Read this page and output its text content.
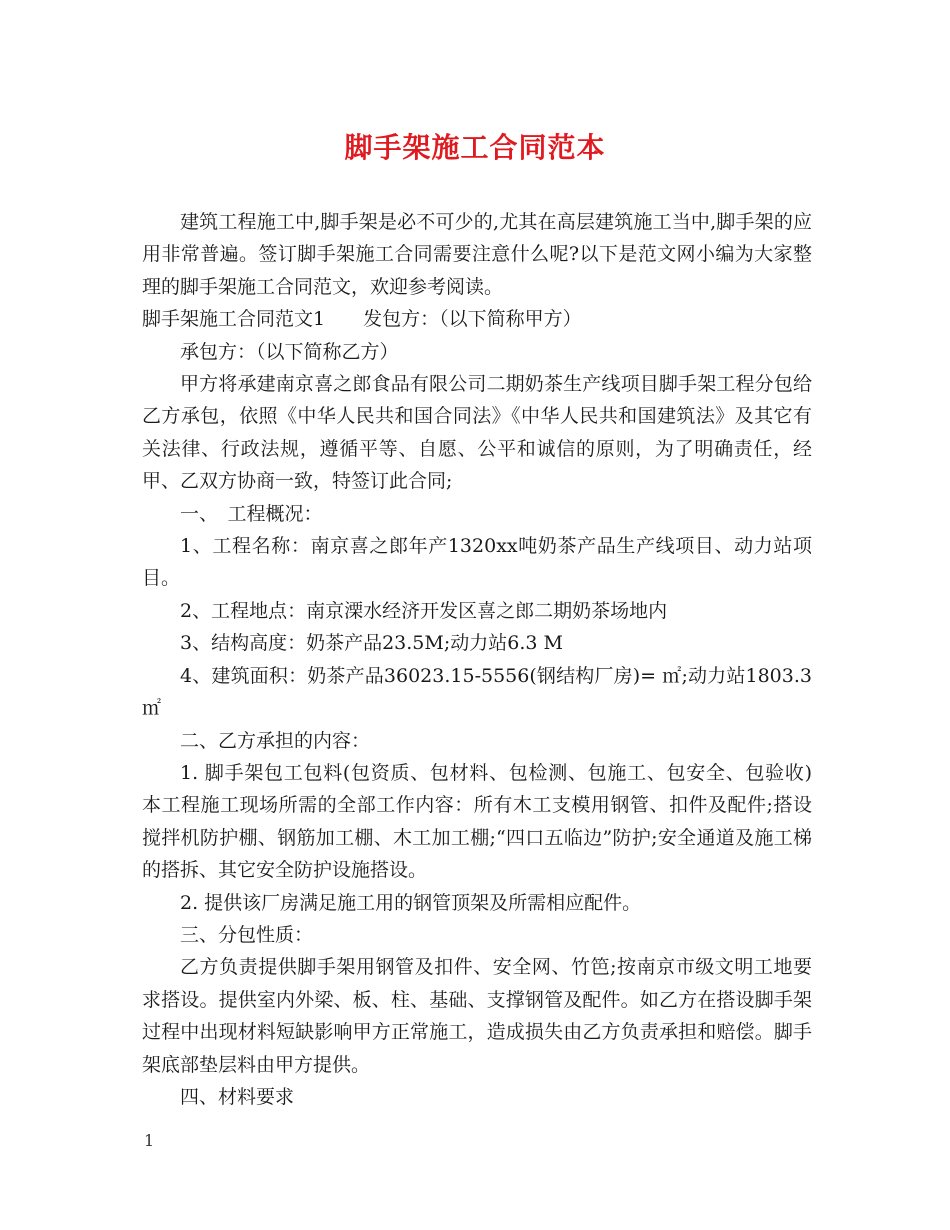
脚手架施工合同范本

建筑工程施工中,脚手架是必不可少的,尤其在高层建筑施工当中,脚手架的应用非常普遍。签订脚手架施工合同需要注意什么呢?以下是范文网小编为大家整理的脚手架施工合同范文，欢迎参考阅读。

脚手架施工合同范文1　　发包方：（以下简称甲方）

承包方：（以下简称乙方）

甲方将承建南京喜之郎食品有限公司二期奶茶生产线项目脚手架工程分包给乙方承包，依照《中华人民共和国合同法》《中华人民共和国建筑法》及其它有关法律、行政法规，遵循平等、自愿、公平和诚信的原则，为了明确责任，经甲、乙双方协商一致，特签订此合同;

一、　工程概况：

1、工程名称：南京喜之郎年产1320xx吨奶茶产品生产线项目、动力站项目。

2、工程地点：南京溧水经济开发区喜之郎二期奶茶场地内

3、结构高度：奶茶产品23.5M;动力站6.3 M

4、建筑面积：奶茶产品36023.15-5556(钢结构厂房)= ㎡;动力站1803.3㎡

二、乙方承担的内容：

1. 脚手架包工包料(包资质、包材料、包检测、包施工、包安全、包验收) 本工程施工现场所需的全部工作内容：所有木工支模用钢管、扣件及配件;搭设搅拌机防护棚、钢筋加工棚、木工加工棚;“四口五临边”防护;安全通道及施工梯的搭拆、其它安全防护设施搭设。

2. 提供该厂房满足施工用的钢管顶架及所需相应配件。

三、分包性质：

乙方负责提供脚手架用钢管及扣件、安全网、竹笆;按南京市级文明工地要求搭设。提供室内外梁、板、柱、基础、支撑钢管及配件。如乙方在搭设脚手架过程中出现材料短缺影响甲方正常施工，造成损失由乙方负责承担和赔偿。脚手架底部垫层料由甲方提供。

四、材料要求

1
